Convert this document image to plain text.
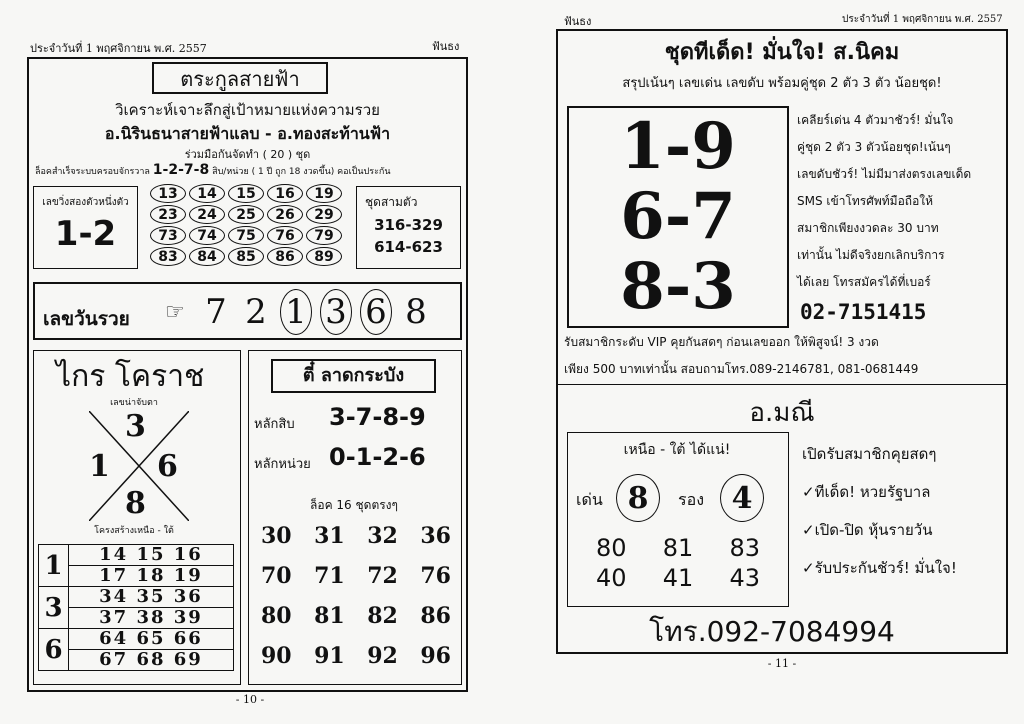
ประจำวันที่ 1 พฤศจิกายน พ.ศ. 2557	ฟันธง
ตระกูลสายฟ้า
วิเคราะห์เจาะลึกสู่เป้าหมายแห่งความรวย
อ.นิรินธนาสายฟ้าแลบ - อ.ทองสะท้านฟ้า
ร่วมมือกันจัดทำ ( 20 ) ชุด
ล็อคสำเร็จระบบครอบจักรวาล 1-2-7-8 สิบ/หน่วย ( 1 ปี ถูก 18 งวดขึ้น) คอเป็นประกัน
เลขวิ่งสองตัวหนึ่งตัว
1-2
13	14	15	16	19
23	24	25	26	29
73	74	75	76	79
83	84	85	86	89
ชุดสามตัว
316-329
614-623
เลขวันรวย ☞ 7 2 1 3 6 8
ไกร โคราช
เลขน่าจับตา
3
1 6
8
โครงสร้างเหนือ - ใต้
1	14 15 16
	17 18 19
3	34 35 36
	37 38 39
6	64 65 66
	67 68 69
ตี๋ ลาดกระบัง
หลักสิบ 3-7-8-9
หลักหน่วย 0-1-2-6
ล็อค 16 ชุดตรงๆ
30 31 32 36
70 71 72 76
80 81 82 86
90 91 92 96
- 10 -
ฟันธง	ประจำวันที่ 1 พฤศจิกายน พ.ศ. 2557
ชุดทีเด็ด! มั่นใจ! ส.นิคม
สรุปเน้นๆ เลขเด่น เลขดับ พร้อมคู่ชุด 2 ตัว 3 ตัว น้อยชุด!
1-9
6-7
8-3
เคลียร์เด่น 4 ตัวมาชัวร์! มั่นใจ
คู่ชุด 2 ตัว 3 ตัวน้อยชุด!เน้นๆ
เลขดับชัวร์! ไม่มีมาส่งตรงเลขเด็ด
SMS เข้าโทรศัพท์มือถือให้
สมาชิกเพียงงวดละ 30 บาท
เท่านั้น ไม่ดีจริงยกเลิกบริการ
ได้เลย โทรสมัครได้ที่เบอร์
02-7151415
รับสมาชิกระดับ VIP คุยกันสดๆ ก่อนเลขออก ให้พิสูจน์! 3 งวด
เพียง 500 บาทเท่านั้น สอบถามโทร.089-2146781, 081-0681449
อ.มณี
เหนือ - ใต้ ได้แน่!
เด่น 8	รอง 4
80 81 83
40 41 43
เปิดรับสมาชิกคุยสดๆ
✓ทีเด็ด! หวยรัฐบาล
✓เปิด-ปิด หุ้นรายวัน
✓รับประกันชัวร์! มั่นใจ!
โทร.092-7084994
- 11 -
